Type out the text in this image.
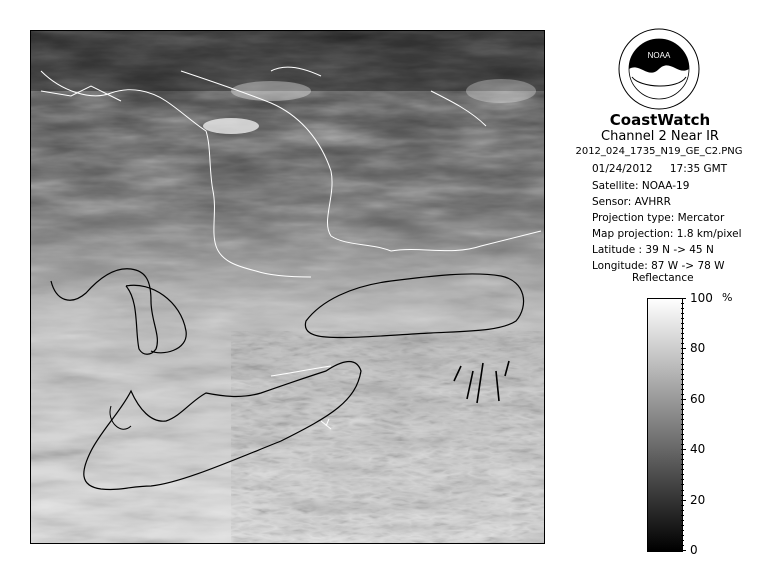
NOAA
CoastWatch
Channel 2 Near IR
2012_024_1735_N19_GE_C2.PNG
01/24/2012 17:35 GMT
Satellite: NOAA-19
Sensor: AVHRR
Projection type: Mercator
Map projection: 1.8 km/pixel
Latitude : 39 N -> 45 N
Longitude: 87 W -> 78 W
Reflectance
%
100
80
60
40
20
0
